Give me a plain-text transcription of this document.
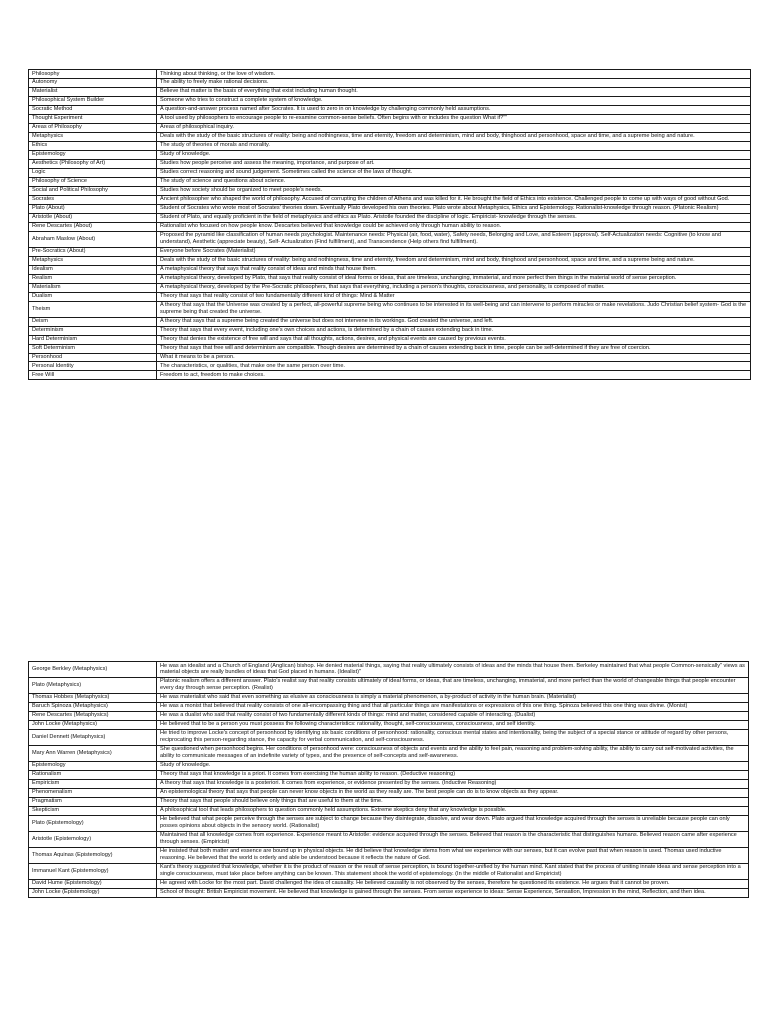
Philosophy	Thinking about thinking, or the love of wisdom.
Autonomy	The ability to freely make rational decisions.
Materialist	Believe that matter is the basis of everything that exist including human thought.
Philosophical System Builder	Someone who tries to construct a complete system of knowledge.
Socratic Method	A question-and-answer process named after Socrates. It is used to zero in on knowledge by challenging commonly held assumptions.
Thought Experiment	A tool used by philosophers to encourage people to re-examine common-sense beliefs. Often begins with or includes the question What if?""
Areas of Philosophy	Areas of philosophical inquiry.
Metaphysics	Deals with the study of the basic structures of reality: being and nothingness, time and eternity, freedom and determinism, mind and body, thinghood and personhood, space and time, and a supreme being and nature.
Ethics	The study of theories of morals and morality.
Epistemology	Study of knowledge.
Aesthetics (Philosophy of Art)	Studies how people perceive and assess the meaning, importance, and purpose of art.
Logic	Studies correct reasoning and sound judgement. Sometimes called the science of the laws of thought.
Philosophy of Science	The study of science and questions about science.
Social and Political Philosophy	Studies how society should be organized to meet people's needs.
Socrates	Ancient philosopher who shaped the world of philosophy. Accused of corrupting the children of Athens and was killed for it. He brought the field of Ethics into existence. Challenged people to come up with ways of good without God.
Plato (About)	Student of Socrates who wrote most of Socrates' theories down. Eventually Plato developed his own theories. Plato wrote about Metaphysics, Ethics and Epistemology. Rationalist-knowledge through reason. (Platonic Realism)
Aristotle (About)	Student of Plato, and equally proficient in the field of metaphysics and ethics as Plato. Aristotle founded the discipline of logic. Empiricist- knowledge through the senses.
Rene Descartes (About)	Rationalist who focused on how people know. Descartes believed that knowledge could be achieved only through human ability to reason.
Abraham Maslow (About)	Proposed the pyramid like classification of human needs psychologist. Maintenance needs: Physical (air, food, water), Safety needs, Belonging and Love, and Esteem (approval). Self-Actualization needs: Cognitive (to know and understand), Aesthetic (appreciate beauty), Self- Actualization (Find fulfillment), and Transcendence (Help others find fulfillment).
Pre-Socratics (About)	Everyone before Socrates (Materialist)
Metaphysics	Deals with the study of the basic structures of reality: being and nothingness, time and eternity, freedom and determinism, mind and body, thinghood and personhood, space and time, and a supreme being and nature.
Idealism	A metaphysical theory that says that reality consist of ideas and minds that house them.
Realism	A metaphysical theory, developed by Plato, that says that reality consist of ideal forms or ideas, that are timeless, unchanging, immaterial, and more perfect then things in the material world of sense perception.
Materialism	A metaphysical theory, developed by the Pre-Socratic philosophers, that says that everything, including a person's thoughts, consciousness, and personality, is composed of matter.
Dualism	Theory that says that reality consist of two fundamentally different kind of things: Mind & Matter
Theism	A theory that says that the Universe was created by a perfect, all-powerful supreme being who continues to be interested in its well-being and can intervene to perform miracles or make revelations. Judo Christian belief system- God is the supreme being that created the universe.
Deism	A theory that says that a supreme being created the universe but does not intervene in its workings. God created the universe, and left.
Determinism	Theory that says that every event, including one's own choices and actions, is determined by a chain of causes extending back in time.
Hard Determinism	Theory that denies the existence of free will and says that all thoughts, actions, desires, and physical events are caused by previous events.
Soft Determinism	Theory that says that free will and determinism are compatible. Though desires are determined by a chain of causes extending back in time, people can be self-determined if they are free of coercion.
Personhood	What it means to be a person.
Personal Identity	The characteristics, or qualities, that make one the same person over time.
Free Will	Freedom to act, freedom to make choices.
George Berkley (Metaphysics)	He was an idealist and a Church of England (Anglican) bishop. He denied material things, saying that reality ultimately consists of ideas and the minds that house them. Berkeley maintained that what people Common-sensically" views as material objects are really bundles of ideas that God placed in humans. (Idealist)"
Plato (Metaphysics)	Platonic realism offers a different answer. Plato's realist say that reality consists ultimately of ideal forms, or ideas, that are timeless, unchanging, immaterial, and more perfect than the world of changeable things that people encounter every day through sense perception. (Realist)
Thomas Hobbes (Metaphysics)	He was materialist who said that even something as elusive as consciousness is simply a material phenomenon, a by-product of activity in the human brain. (Materialist)
Baruch Spinoza (Metaphysics)	He was a monist that believed that reality consists of one all-encompassing thing and that all particular things are manifestations or expressions of this one thing. Spinoza believed this one thing was divine. (Monist)
Rene Descartes (Metaphysics)	He was a dualist who said that reality consist of two fundamentally different kinds of things: mind and matter, considered capable of interacting. (Dualist)
John Locke (Metaphysics)	He believed that to be a person you must possess the following characteristics: rationality, thought, self-consciousness, consciousness, and self identity.
Daniel Dennett (Metaphysics)	He tried to improve Locke's concept of personhood by identifying six basic conditions of personhood: rationality, conscious mental states and intentionality, being the subject of a special stance or attitude of regard by other persons, reciprocating this person-regarding stance, the capacity for verbal communication, and self-consciousness.
Mary Ann Warren (Metaphysics)	She questioned when personhood begins. Her conditions of personhood were: consciousness of objects and events and the ability to feel pain, reasoning and problem-solving ability, the ability to carry out self-motivated activities, the ability to communicate messages of an indefinite variety of types, and the presence of self-concepts and self-awareness.
Epistemology	Study of knowledge.
Rationalism	Theory that says that knowledge is a priori. It comes from exercising the human ability to reason. (Deductive reasoning)
Empiricism	A theory that says that knowledge is a posteriori. It comes from experience, or evidence presented by the senses. (Inductive Reasoning)
Phenomenalism	An epistemological theory that says that people can never know objects in the world as they really are. The best people can do is to know objects as they appear.
Pragmatism	Theory that says that people should believe only things that are useful to them at the time.
Skepticism	A philosophical tool that leads philosophers to question commonly held assumptions. Extreme skeptics deny that any knowledge is possible.
Plato (Epistemology)	He believed that what people perceive through the senses are subject to change because they disintegrate, dissolve, and wear down. Plato argued that knowledge acquired through the senses is unreliable because people can only posses opinions about objects in the sensory world. (Rationalist)
Aristotle (Epistemology)	Maintained that all knowledge comes from experience. Experience meant to Aristotle: evidence acquired through the senses. Believed that reason is the characteristic that distinguishes humans. Believed reason came after experience through senses. (Empiricist)
Thomas Aquinas (Epistemology)	He insisted that both matter and essence are bound up in physical objects. He did believe that knowledge stems from what we experience with our senses, but it can evolve past that when reason is used. Thomas used inductive reasoning. He believed that the world is orderly and able be understood because it reflects the nature of God.
Immanuel Kant (Epistemology)	Kant's theory suggested that knowledge, whether it is the product of reason or the result of sense perception, is bound together-unified by the human mind. Kant stated that the process of uniting innate ideas and sense perception into a single consciousness, must take place before anything can be known. This statement shook the world of epistemology. (In the middle of Rationalist and Empiricist)
David Hume (Epistemology)	He agreed with Locke for the most part. David challenged the idea of causality. He believed causality is not observed by the senses, therefore he questioned its existence. He argues that it cannot be proven.
John Locke (Epistemology)	School of thought: British Empiricist movement. He believed that knowledge is gained through the senses. From sense experience to ideas: Sense Experience, Sensation, Impression in the mind, Reflection, and then idea.
